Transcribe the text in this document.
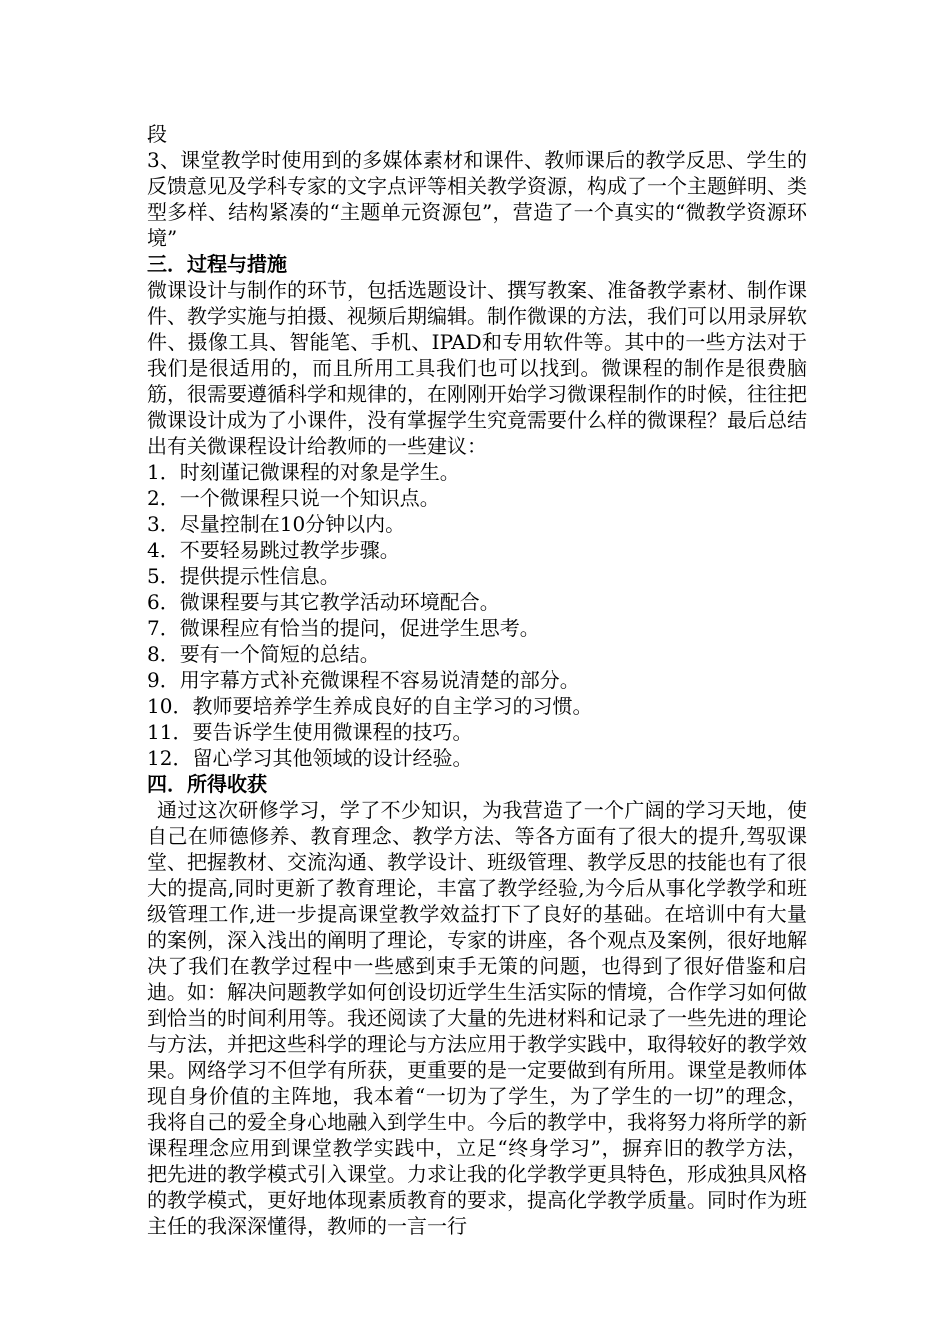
段

3、课堂教学时使用到的多媒体素材和课件、教师课后的教学反思、学生的反馈意见及学科专家的文字点评等相关教学资源，构成了一个主题鲜明、类型多样、结构紧凑的“主题单元资源包”，营造了一个真实的“微教学资源环境”

三．过程与措施

微课设计与制作的环节，包括选题设计、撰写教案、准备教学素材、制作课件、教学实施与拍摄、视频后期编辑。制作微课的方法，我们可以用录屏软件、摄像工具、智能笔、手机、IPAD和专用软件等。其中的一些方法对于我们是很适用的，而且所用工具我们也可以找到。微课程的制作是很费脑筋，很需要遵循科学和规律的，在刚刚开始学习微课程制作的时候，往往把微课设计成为了小课件，没有掌握学生究竟需要什么样的微课程？最后总结出有关微课程设计给教师的一些建议：

1．时刻谨记微课程的对象是学生。
2．一个微课程只说一个知识点。
3．尽量控制在10分钟以内。
4．不要轻易跳过教学步骤。
5．提供提示性信息。
6．微课程要与其它教学活动环境配合。
7．微课程应有恰当的提问，促进学生思考。
8．要有一个简短的总结。
9．用字幕方式补充微课程不容易说清楚的部分。
10．教师要培养学生养成良好的自主学习的习惯。
11．要告诉学生使用微课程的技巧。
12．留心学习其他领域的设计经验。
四．所得收获

通过这次研修学习，学了不少知识，为我营造了一个广阔的学习天地，使自己在师德修养、教育理念、教学方法、等各方面有了很大的提升,驾驭课堂、把握教材、交流沟通、教学设计、班级管理、教学反思的技能也有了很大的提高,同时更新了教育理论，丰富了教学经验,为今后从事化学教学和班级管理工作,进一步提高课堂教学效益打下了良好的基础。在培训中有大量的案例，深入浅出的阐明了理论，专家的讲座，各个观点及案例，很好地解决了我们在教学过程中一些感到束手无策的问题，也得到了很好借鉴和启迪。如：解决问题教学如何创设切近学生生活实际的情境，合作学习如何做到恰当的时间利用等。我还阅读了大量的先进材料和记录了一些先进的理论与方法，并把这些科学的理论与方法应用于教学实践中，取得较好的教学效果。网络学习不但学有所获，更重要的是一定要做到有所用。课堂是教师体现自身价值的主阵地，我本着“一切为了学生，为了学生的一切”的理念，我将自己的爱全身心地融入到学生中。今后的教学中，我将努力将所学的新课程理念应用到课堂教学实践中，立足“终身学习”，摒弃旧的教学方法，把先进的教学模式引入课堂。力求让我的化学教学更具特色，形成独具风格的教学模式，更好地体现素质教育的要求，提高化学教学质量。同时作为班主任的我深深懂得，教师的一言一行
